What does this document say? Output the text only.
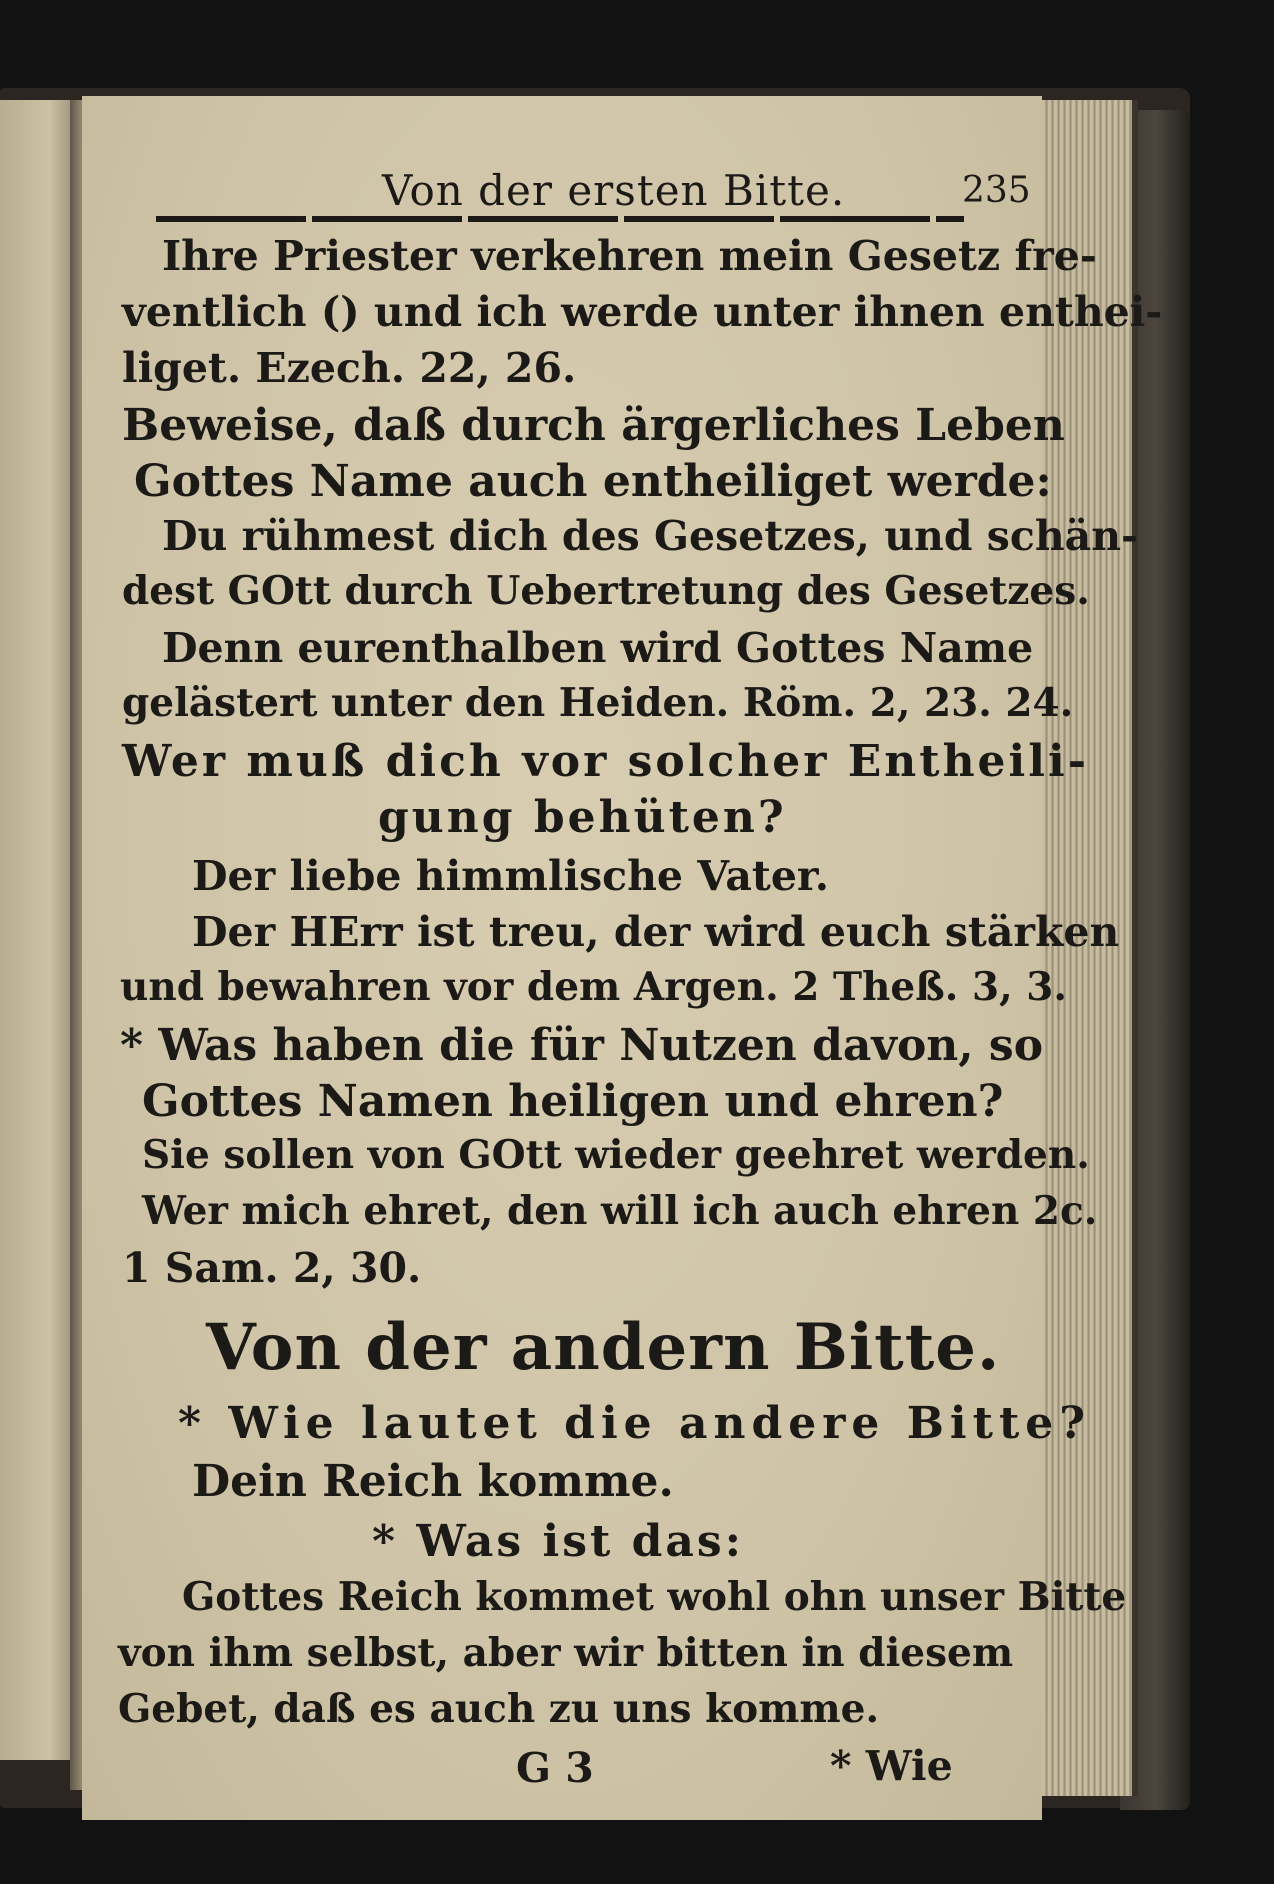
Von der ersten Bitte.	235
Ihre Priester verkehren mein Gesetz fre-
ventlich () und ich werde unter ihnen enthei-
liget. Ezech. 22, 26.
Beweise, daß durch ärgerliches Leben
Gottes Name auch entheiliget werde:
Du rühmest dich des Gesetzes, und schän-
dest GOtt durch Uebertretung des Gesetzes.
Denn eurenthalben wird Gottes Name
gelästert unter den Heiden. Röm. 2, 23. 24.
Wer muß dich vor solcher Entheili-
gung behüten?
Der liebe himmlische Vater.
Der HErr ist treu, der wird euch stärken
und bewahren vor dem Argen. 2 Theß. 3, 3.
* Was haben die für Nutzen davon, so
Gottes Namen heiligen und ehren?
Sie sollen von GOtt wieder geehret werden.
Wer mich ehret, den will ich auch ehren 2c.
1 Sam. 2, 30.
Von der andern Bitte.
* Wie lautet die andere Bitte?
Dein Reich komme.
* Was ist das:
Gottes Reich kommet wohl ohn unser Bitte
von ihm selbst, aber wir bitten in diesem
Gebet, daß es auch zu uns komme.
G 3	* Wie
